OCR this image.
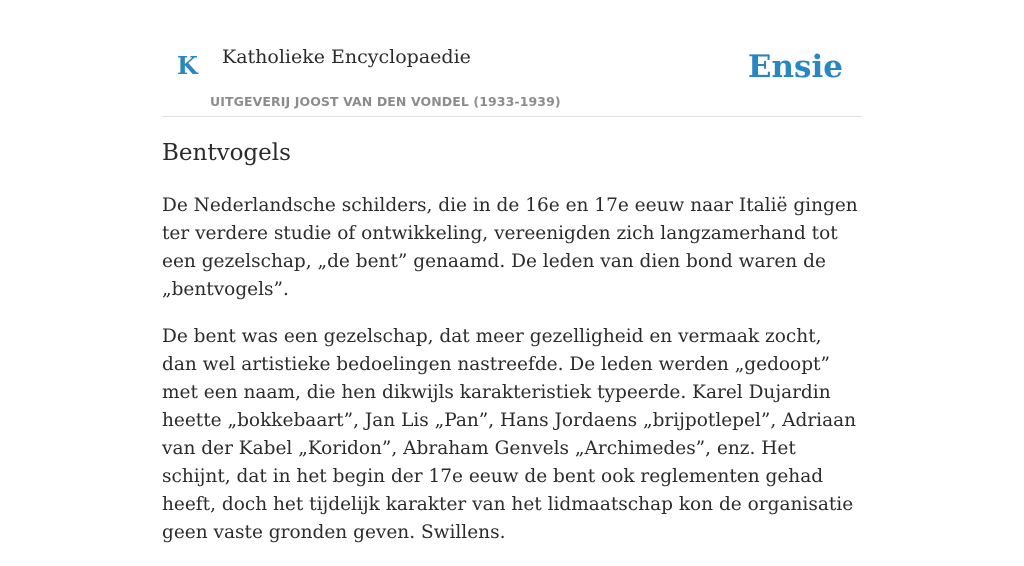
K Katholieke Encyclopaedie
UITGEVERIJ JOOST VAN DEN VONDEL (1933-1939)
Ensie
Bentvogels

De Nederlandsche schilders, die in de 16e en 17e eeuw naar Italië gingen ter verdere studie of ontwikkeling, vereenigden zich langzamerhand tot een gezelschap, „de bent” genaamd. De leden van dien bond waren de „bentvogels”.

De bent was een gezelschap, dat meer gezelligheid en vermaak zocht, dan wel artistieke bedoelingen nastreefde. De leden werden „gedoopt” met een naam, die hen dikwijls karakteristiek typeerde. Karel Dujardin heette „bokkebaart”, Jan Lis „Pan”, Hans Jordaens „brijpotlepel”, Adriaan van der Kabel „Koridon”, Abraham Genvels „Archimedes”, enz. Het schijnt, dat in het begin der 17e eeuw de bent ook reglementen gehad heeft, doch het tijdelijk karakter van het lidmaatschap kon de organisatie geen vaste gronden geven. Swillens.
